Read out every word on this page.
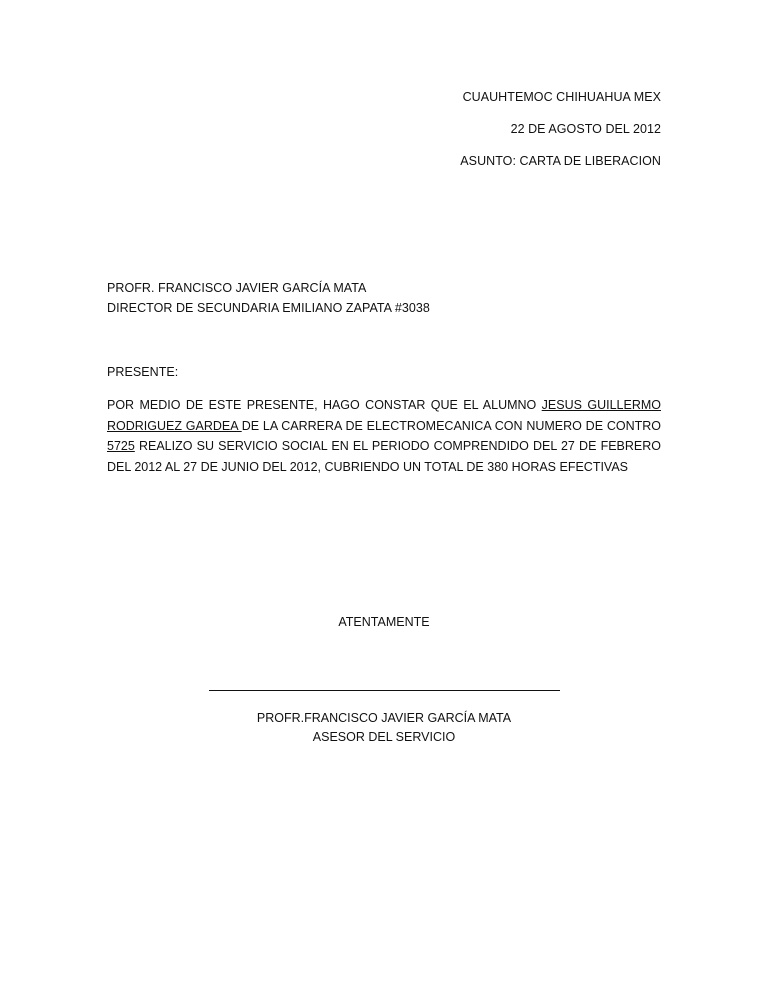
CUAUHTEMOC CHIHUAHUA MEX
22 DE AGOSTO DEL 2012
ASUNTO: CARTA DE LIBERACION
PROFR. FRANCISCO JAVIER GARCÍA MATA
DIRECTOR DE SECUNDARIA EMILIANO ZAPATA #3038
PRESENTE:
POR MEDIO DE ESTE PRESENTE, HAGO CONSTAR QUE EL ALUMNO JESUS GUILLERMO RODRIGUEZ GARDEA DE LA CARRERA DE ELECTROMECANICA CON NUMERO DE CONTRO 5725 REALIZO SU SERVICIO SOCIAL EN EL PERIODO COMPRENDIDO DEL 27 DE FEBRERO DEL 2012 AL 27 DE JUNIO DEL 2012, CUBRIENDO UN TOTAL DE 380 HORAS EFECTIVAS
ATENTAMENTE
PROFR.FRANCISCO JAVIER GARCÍA MATA
ASESOR DEL SERVICIO
